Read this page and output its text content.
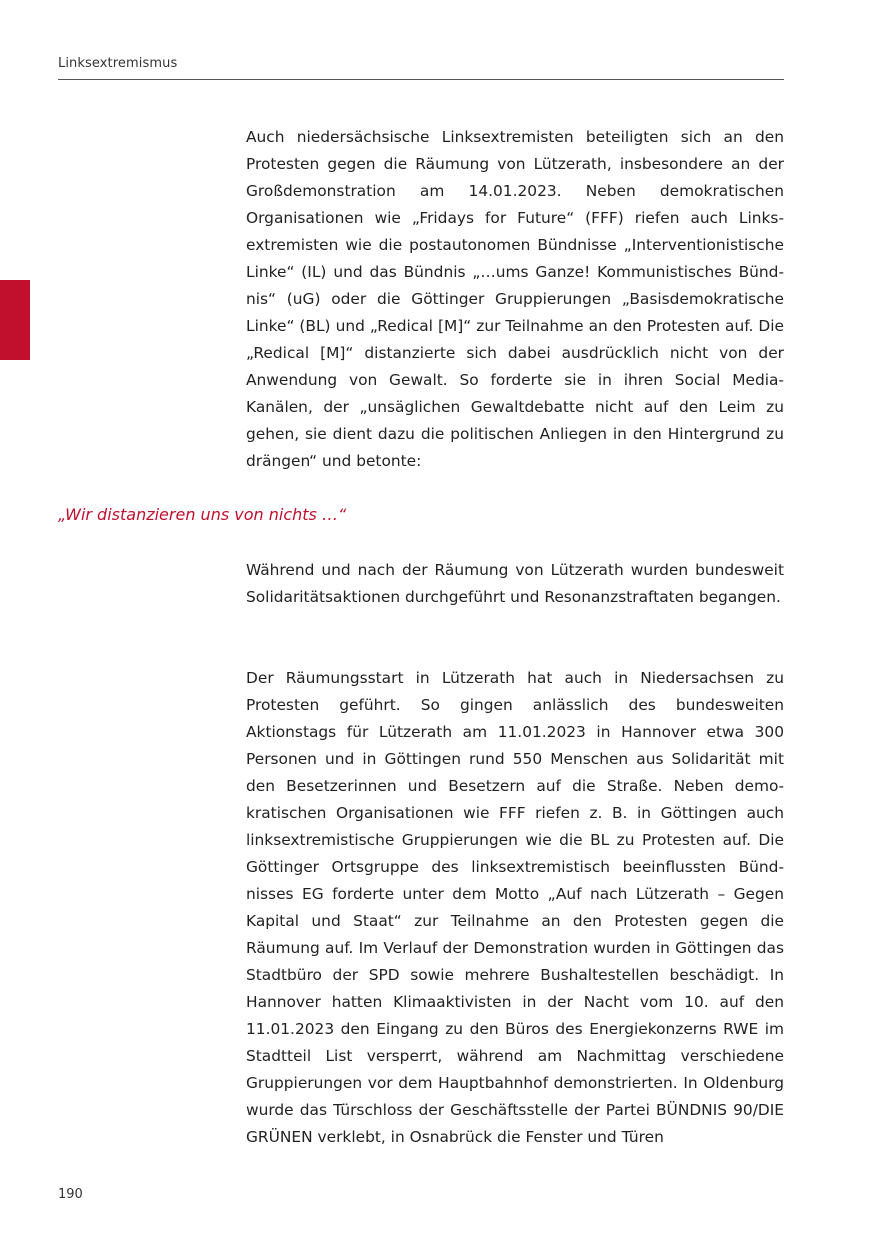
Linksextremismus

Auch niedersächsische Linksextremisten beteiligten sich an den Protesten gegen die Räumung von Lützerath, insbesondere an der Großdemonstration am 14.01.2023. Neben demokratischen Organisationen wie „Fridays for Future“ (FFF) riefen auch Linksextremisten wie die postautonomen Bündnisse „Interventionistische Linke“ (IL) und das Bündnis „…ums Ganze! Kommunistisches Bündnis“ (uG) oder die Göttinger Gruppierungen „Basisdemokratische Linke“ (BL) und „Redical [M]“ zur Teilnahme an den Protesten auf. Die „Redical [M]“ distanzierte sich dabei ausdrücklich nicht von der Anwendung von Gewalt. So forderte sie in ihren Social Media-Kanälen, der „unsäglichen Gewaltdebatte nicht auf den Leim zu gehen, sie dient dazu die politischen Anliegen in den Hintergrund zu drängen“ und betonte:

„Wir distanzieren uns von nichts …“

Während und nach der Räumung von Lützerath wurden bundesweit Solidaritätsaktionen durchgeführt und Resonanzstraftaten begangen.

Der Räumungsstart in Lützerath hat auch in Niedersachsen zu Protesten geführt. So gingen anlässlich des bundesweiten Aktionstags für Lützerath am 11.01.2023 in Hannover etwa 300 Personen und in Göttingen rund 550 Menschen aus Solidarität mit den Besetzerinnen und Besetzern auf die Straße. Neben demokratischen Organisationen wie FFF riefen z. B. in Göttingen auch linksextremistische Gruppierungen wie die BL zu Protesten auf. Die Göttinger Ortsgruppe des linksextremistisch beeinflussten Bündnisses EG forderte unter dem Motto „Auf nach Lützerath – Gegen Kapital und Staat“ zur Teilnahme an den Protesten gegen die Räumung auf. Im Verlauf der Demonstration wurden in Göttingen das Stadtbüro der SPD sowie mehrere Bushaltestellen beschädigt. In Hannover hatten Klimaaktivisten in der Nacht vom 10. auf den 11.01.2023 den Eingang zu den Büros des Energiekonzerns RWE im Stadtteil List versperrt, während am Nachmittag verschiedene Gruppierungen vor dem Hauptbahnhof demonstrierten. In Oldenburg wurde das Türschloss der Geschäftsstelle der Partei BÜNDNIS 90/DIE GRÜNEN verklebt, in Osnabrück die Fenster und Türen

190
